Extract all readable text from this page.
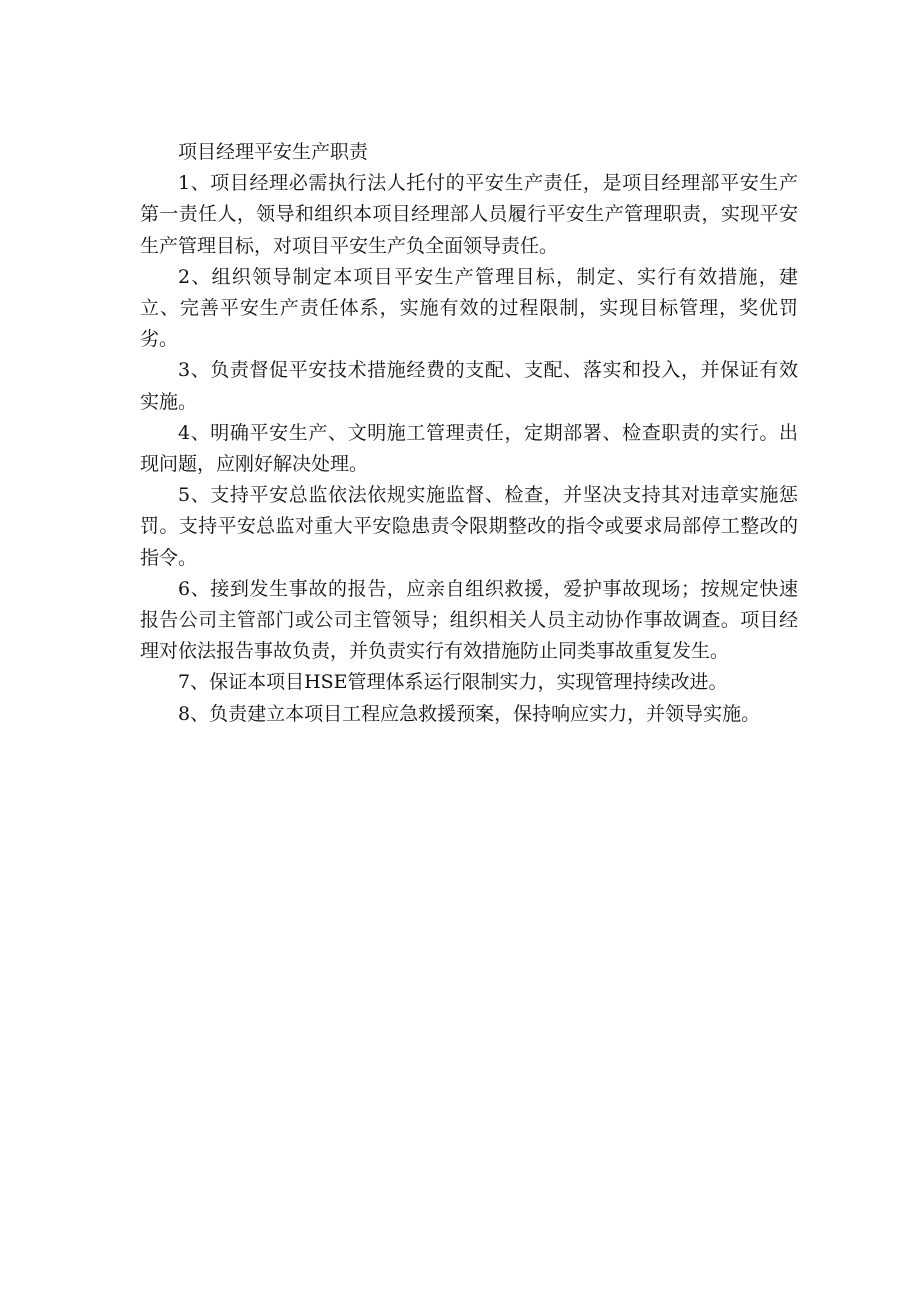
项目经理平安生产职责

1、项目经理必需执行法人托付的平安生产责任，是项目经理部平安生产第一责任人，领导和组织本项目经理部人员履行平安生产管理职责，实现平安生产管理目标，对项目平安生产负全面领导责任。

2、组织领导制定本项目平安生产管理目标，制定、实行有效措施，建立、完善平安生产责任体系，实施有效的过程限制，实现目标管理，奖优罚劣。

3、负责督促平安技术措施经费的支配、支配、落实和投入，并保证有效实施。

4、明确平安生产、文明施工管理责任，定期部署、检查职责的实行。出现问题，应刚好解决处理。

5、支持平安总监依法依规实施监督、检查，并坚决支持其对违章实施惩罚。支持平安总监对重大平安隐患责令限期整改的指令或要求局部停工整改的指令。

6、接到发生事故的报告，应亲自组织救援，爱护事故现场；按规定快速报告公司主管部门或公司主管领导；组织相关人员主动协作事故调查。项目经理对依法报告事故负责，并负责实行有效措施防止同类事故重复发生。

7、保证本项目HSE管理体系运行限制实力，实现管理持续改进。

8、负责建立本项目工程应急救援预案，保持响应实力，并领导实施。
